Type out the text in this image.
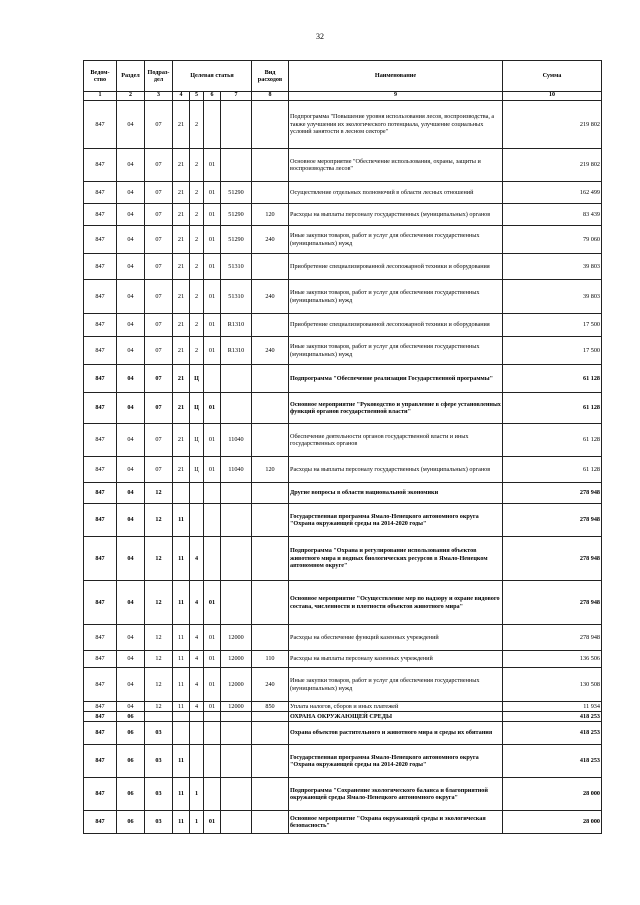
32
Ведом-ство	Раздел	Подраз-дел	Целевая статья				Вид расходов	Наименование	Сумма
1	2	3	4	5	6	7	8	9	10
847	04	07	21	2				Подпрограмма "Повышение уровня использования лесов, воспроизводства, а также улучшения их экологического потенциала, улучшение социальных условий занятости в лесном секторе"	219 802
847	04	07	21	2	01			Основное мероприятие "Обеспечение использования, охраны, защиты и воспроизводства лесов"	219 802
847	04	07	21	2	01	51290		Осуществление отдельных полномочий в области лесных отношений	162 499
847	04	07	21	2	01	51290	120	Расходы на выплаты персоналу государственных (муниципальных) органов	83 439
847	04	07	21	2	01	51290	240	Иные закупки товаров, работ и услуг для обеспечения государственных (муниципальных) нужд	79 060
847	04	07	21	2	01	51310		Приобретение специализированной лесопожарной техники и оборудования	39 803
847	04	07	21	2	01	51310	240	Иные закупки товаров, работ и услуг для обеспечения государственных (муниципальных) нужд	39 803
847	04	07	21	2	01	R1310		Приобретение специализированной лесопожарной техники и оборудования	17 500
847	04	07	21	2	01	R1310	240	Иные закупки товаров, работ и услуг для обеспечения государственных (муниципальных) нужд	17 500
847	04	07	21	Ц				Подпрограмма "Обеспечение реализации Государственной программы"	61 128
847	04	07	21	Ц	01			Основное мероприятие "Руководство и управление в сфере установленных функций органов государственной власти"	61 128
847	04	07	21	Ц	01	11040		Обеспечение деятельности органов государственной власти и иных государственных органов	61 128
847	04	07	21	Ц	01	11040	120	Расходы на выплаты персоналу государственных (муниципальных) органов	61 128
847	04	12						Другие вопросы в области национальной экономики	278 948
847	04	12	11					Государственная программа Ямало-Ненецкого автономного округа "Охрана окружающей среды на 2014-2020 годы"	278 948
847	04	12	11	4				Подпрограмма "Охрана и регулирование использования объектов животного мира и водных биологических ресурсов в Ямало-Ненецком автономном округе"	278 948
847	04	12	11	4	01			Основное мероприятие "Осуществление мер по надзору и охране видового состава, численности и плотности объектов животного мира"	278 948
847	04	12	11	4	01	12000		Расходы на обеспечение функций казенных учреждений	278 948
847	04	12	11	4	01	12000	110	Расходы на выплаты персоналу казенных учреждений	136 506
847	04	12	11	4	01	12000	240	Иные закупки товаров, работ и услуг для обеспечения государственных (муниципальных) нужд	130 508
847	04	12	11	4	01	12000	850	Уплата налогов, сборов и иных платежей	11 934
847	06							ОХРАНА ОКРУЖАЮЩЕЙ СРЕДЫ	418 253
847	06	03						Охрана объектов растительного и животного мира и среды их обитания	418 253
847	06	03	11					Государственная программа Ямало-Ненецкого автономного округа "Охрана окружающей среды на 2014-2020 годы"	418 253
847	06	03	11	1				Подпрограмма "Сохранение экологического баланса и благоприятной окружающей среды Ямало-Ненецкого автономного округа"	28 000
847	06	03	11	1	01			Основное мероприятие "Охрана окружающей среды и экологическая безопасность"	28 000
